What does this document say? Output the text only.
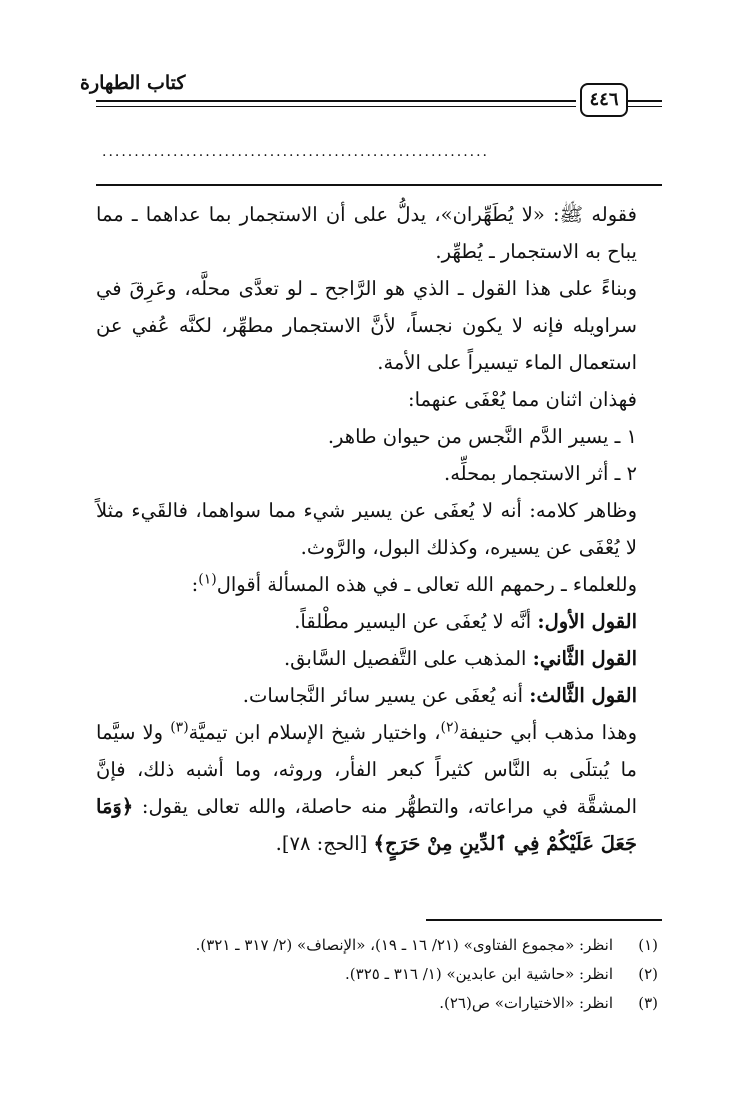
كتاب الطهارة
٤٤٦
............................................................

فقوله ﷺ: «لا يُطَهِّران»، يدلُّ على أن الاستجمار بما عداهما ـ مما يباح به الاستجمار ـ يُطهِّر.

وبناءً على هذا القول ـ الذي هو الرَّاجح ـ لو تعدَّى محلَّه، وعَرِقَ في سراويله فإنه لا يكون نجساً، لأنَّ الاستجمار مطهِّر، لكنَّه عُفي عن استعمال الماء تيسيراً على الأمة.

فهذان اثنان مما يُعْفَى عنهما:

١ ـ يسير الدَّم النَّجس من حيوان طاهر.

٢ ـ أثر الاستجمار بمحلِّه.

وظاهر كلامه: أنه لا يُعفَى عن يسير شيء مما سواهما، فالقَيء مثلاً لا يُعْفَى عن يسيره، وكذلك البول، والرَّوث.

وللعلماء ـ رحمهم الله تعالى ـ في هذه المسألة أقوال$^{(١)}$:

القول الأول: أنَّه لا يُعفَى عن اليسير مطْلقاً.

القول الثَّاني: المذهب على التَّفصيل السَّابق.

القول الثَّالث: أنه يُعفَى عن يسير سائر النَّجاسات.

وهذا مذهب أبي حنيفة$^{(٢)}$، واختيار شيخ الإسلام ابن تيميَّة$^{(٣)}$ ولا سيَّما ما يُبتلَى به النَّاس كثيراً كبعر الفأر، وروثه، وما أشبه ذلك، فإنَّ المشقَّة في مراعاته، والتطهُّر منه حاصلة، والله تعالى يقول: ﴿وَمَا جَعَلَ عَلَيْكُمْ فِي ٱلدِّينِ مِنْ حَرَجٍ﴾ [الحج: ٧٨].

(١)
انظر: «مجموع الفتاوى» (٢١/ ١٦ ـ ١٩)، «الإنصاف» (٢/ ٣١٧ ـ ٣٢١).
(٢)
انظر: «حاشية ابن عابدين» (١/ ٣١٦ ـ ٣٢٥).
(٣)
انظر: «الاختيارات» ص(٢٦).
